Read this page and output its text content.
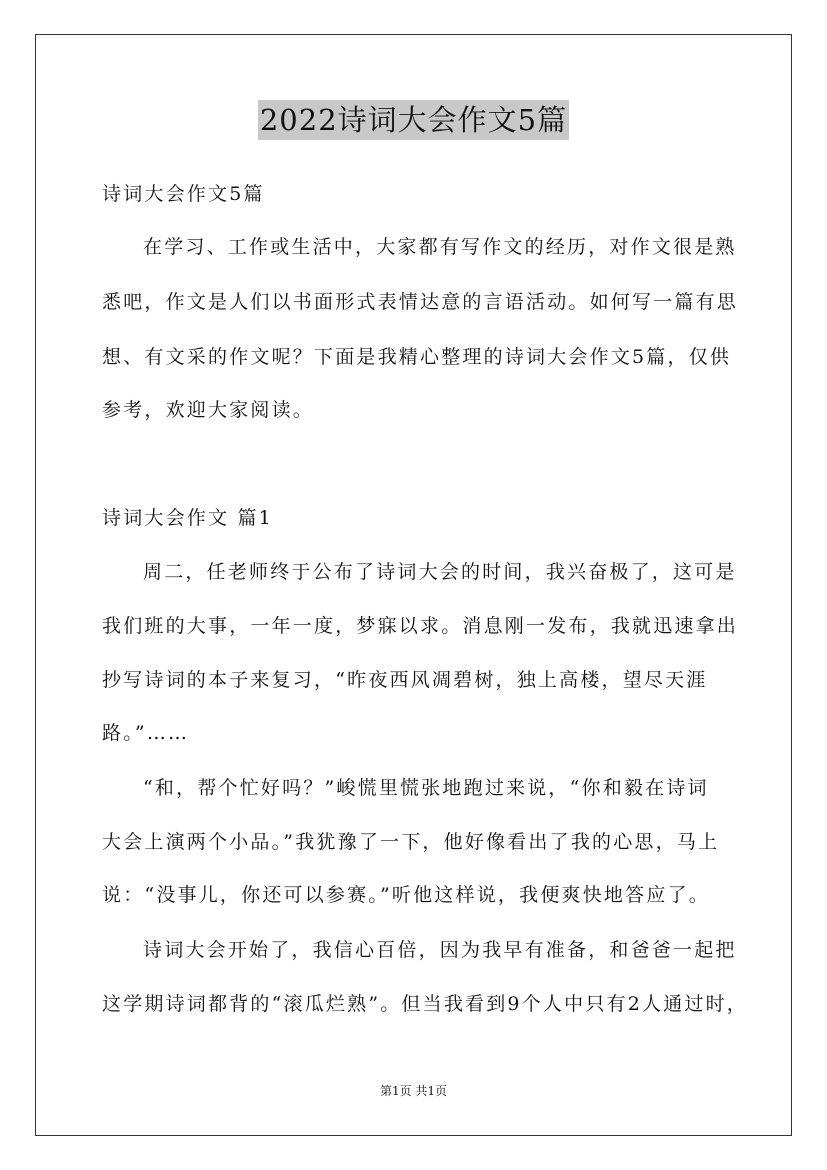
2022诗词大会作文5篇
诗词大会作文5篇
在学习、工作或生活中，大家都有写作文的经历，对作文很是熟
悉吧，作文是人们以书面形式表情达意的言语活动。如何写一篇有思
想、有文采的作文呢？下面是我精心整理的诗词大会作文5篇，仅供
参考，欢迎大家阅读。
诗词大会作文 篇1
周二，任老师终于公布了诗词大会的时间，我兴奋极了，这可是
我们班的大事，一年一度，梦寐以求。消息刚一发布，我就迅速拿出
抄写诗词的本子来复习，“昨夜西风凋碧树，独上高楼，望尽天涯
路。”……
“和，帮个忙好吗？”峻慌里慌张地跑过来说，“你和毅在诗词
大会上演两个小品。”我犹豫了一下，他好像看出了我的心思，马上
说：“没事儿，你还可以参赛。”听他这样说，我便爽快地答应了。
诗词大会开始了，我信心百倍，因为我早有准备，和爸爸一起把
这学期诗词都背的“滚瓜烂熟”。但当我看到9个人中只有2人通过时，
第1页 共1页
